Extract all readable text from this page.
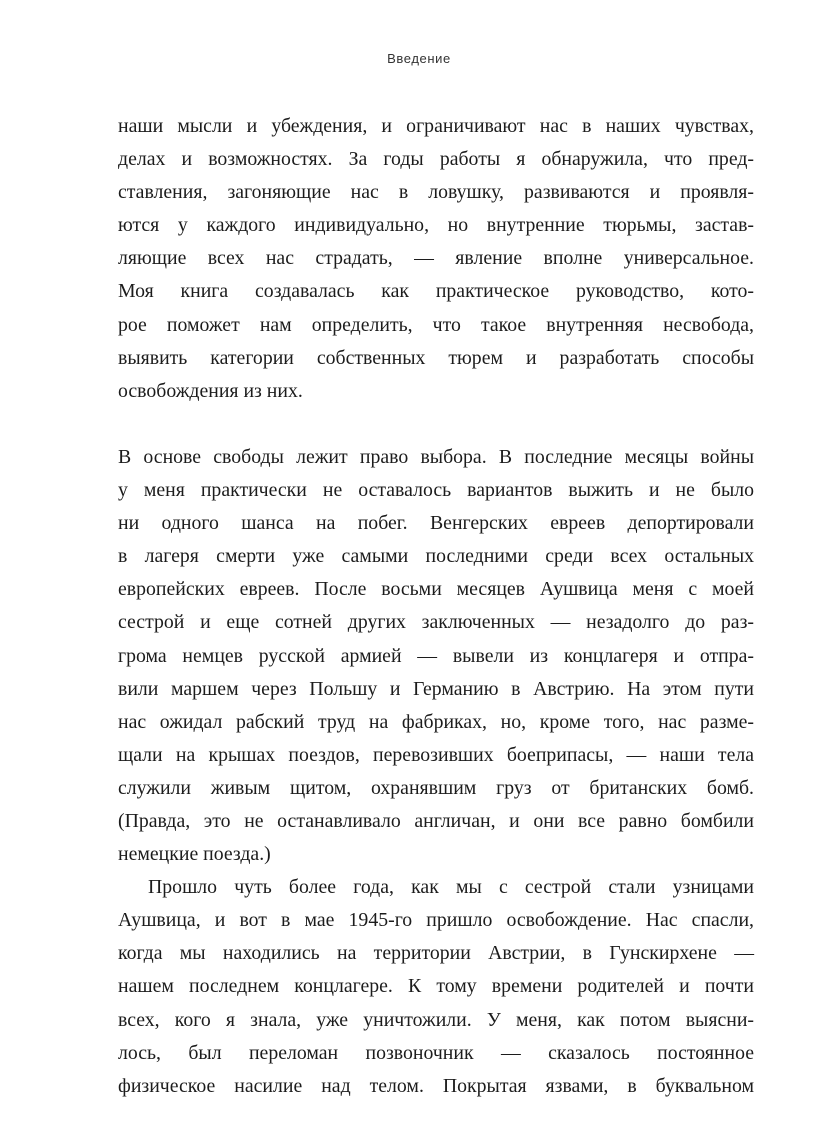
Введение
наши мысли и убеждения, и ограничивают нас в наших чувствах,
делах и возможностях. За годы работы я обнаружила, что пред-
ставления, загоняющие нас в ловушку, развиваются и проявля-
ются у каждого индивидуально, но внутренние тюрьмы, застав-
ляющие всех нас страдать, — явление вполне универсальное.
Моя книга создавалась как практическое руководство, кото-
рое поможет нам определить, что такое внутренняя несвобода,
выявить категории собственных тюрем и разработать способы
освобождения из них.
В основе свободы лежит право выбора. В последние месяцы войны
у меня практически не оставалось вариантов выжить и не было
ни одного шанса на побег. Венгерских евреев депортировали
в лагеря смерти уже самыми последними среди всех остальных
европейских евреев. После восьми месяцев Аушвица меня с моей
сестрой и еще сотней других заключенных — незадолго до раз-
грома немцев русской армией — вывели из концлагеря и отпра-
вили маршем через Польшу и Германию в Австрию. На этом пути
нас ожидал рабский труд на фабриках, но, кроме того, нас разме-
щали на крышах поездов, перевозивших боеприпасы, — наши тела
служили живым щитом, охранявшим груз от британских бомб.
(Правда, это не останавливало англичан, и они все равно бомбили
немецкие поезда.)
Прошло чуть более года, как мы с сестрой стали узницами
Аушвица, и вот в мае 1945-го пришло освобождение. Нас спасли,
когда мы находились на территории Австрии, в Гунскирхене —
нашем последнем концлагере. К тому времени родителей и почти
всех, кого я знала, уже уничтожили. У меня, как потом выясни-
лось, был переломан позвоночник — сказалось постоянное
физическое насилие над телом. Покрытая язвами, в буквальном
